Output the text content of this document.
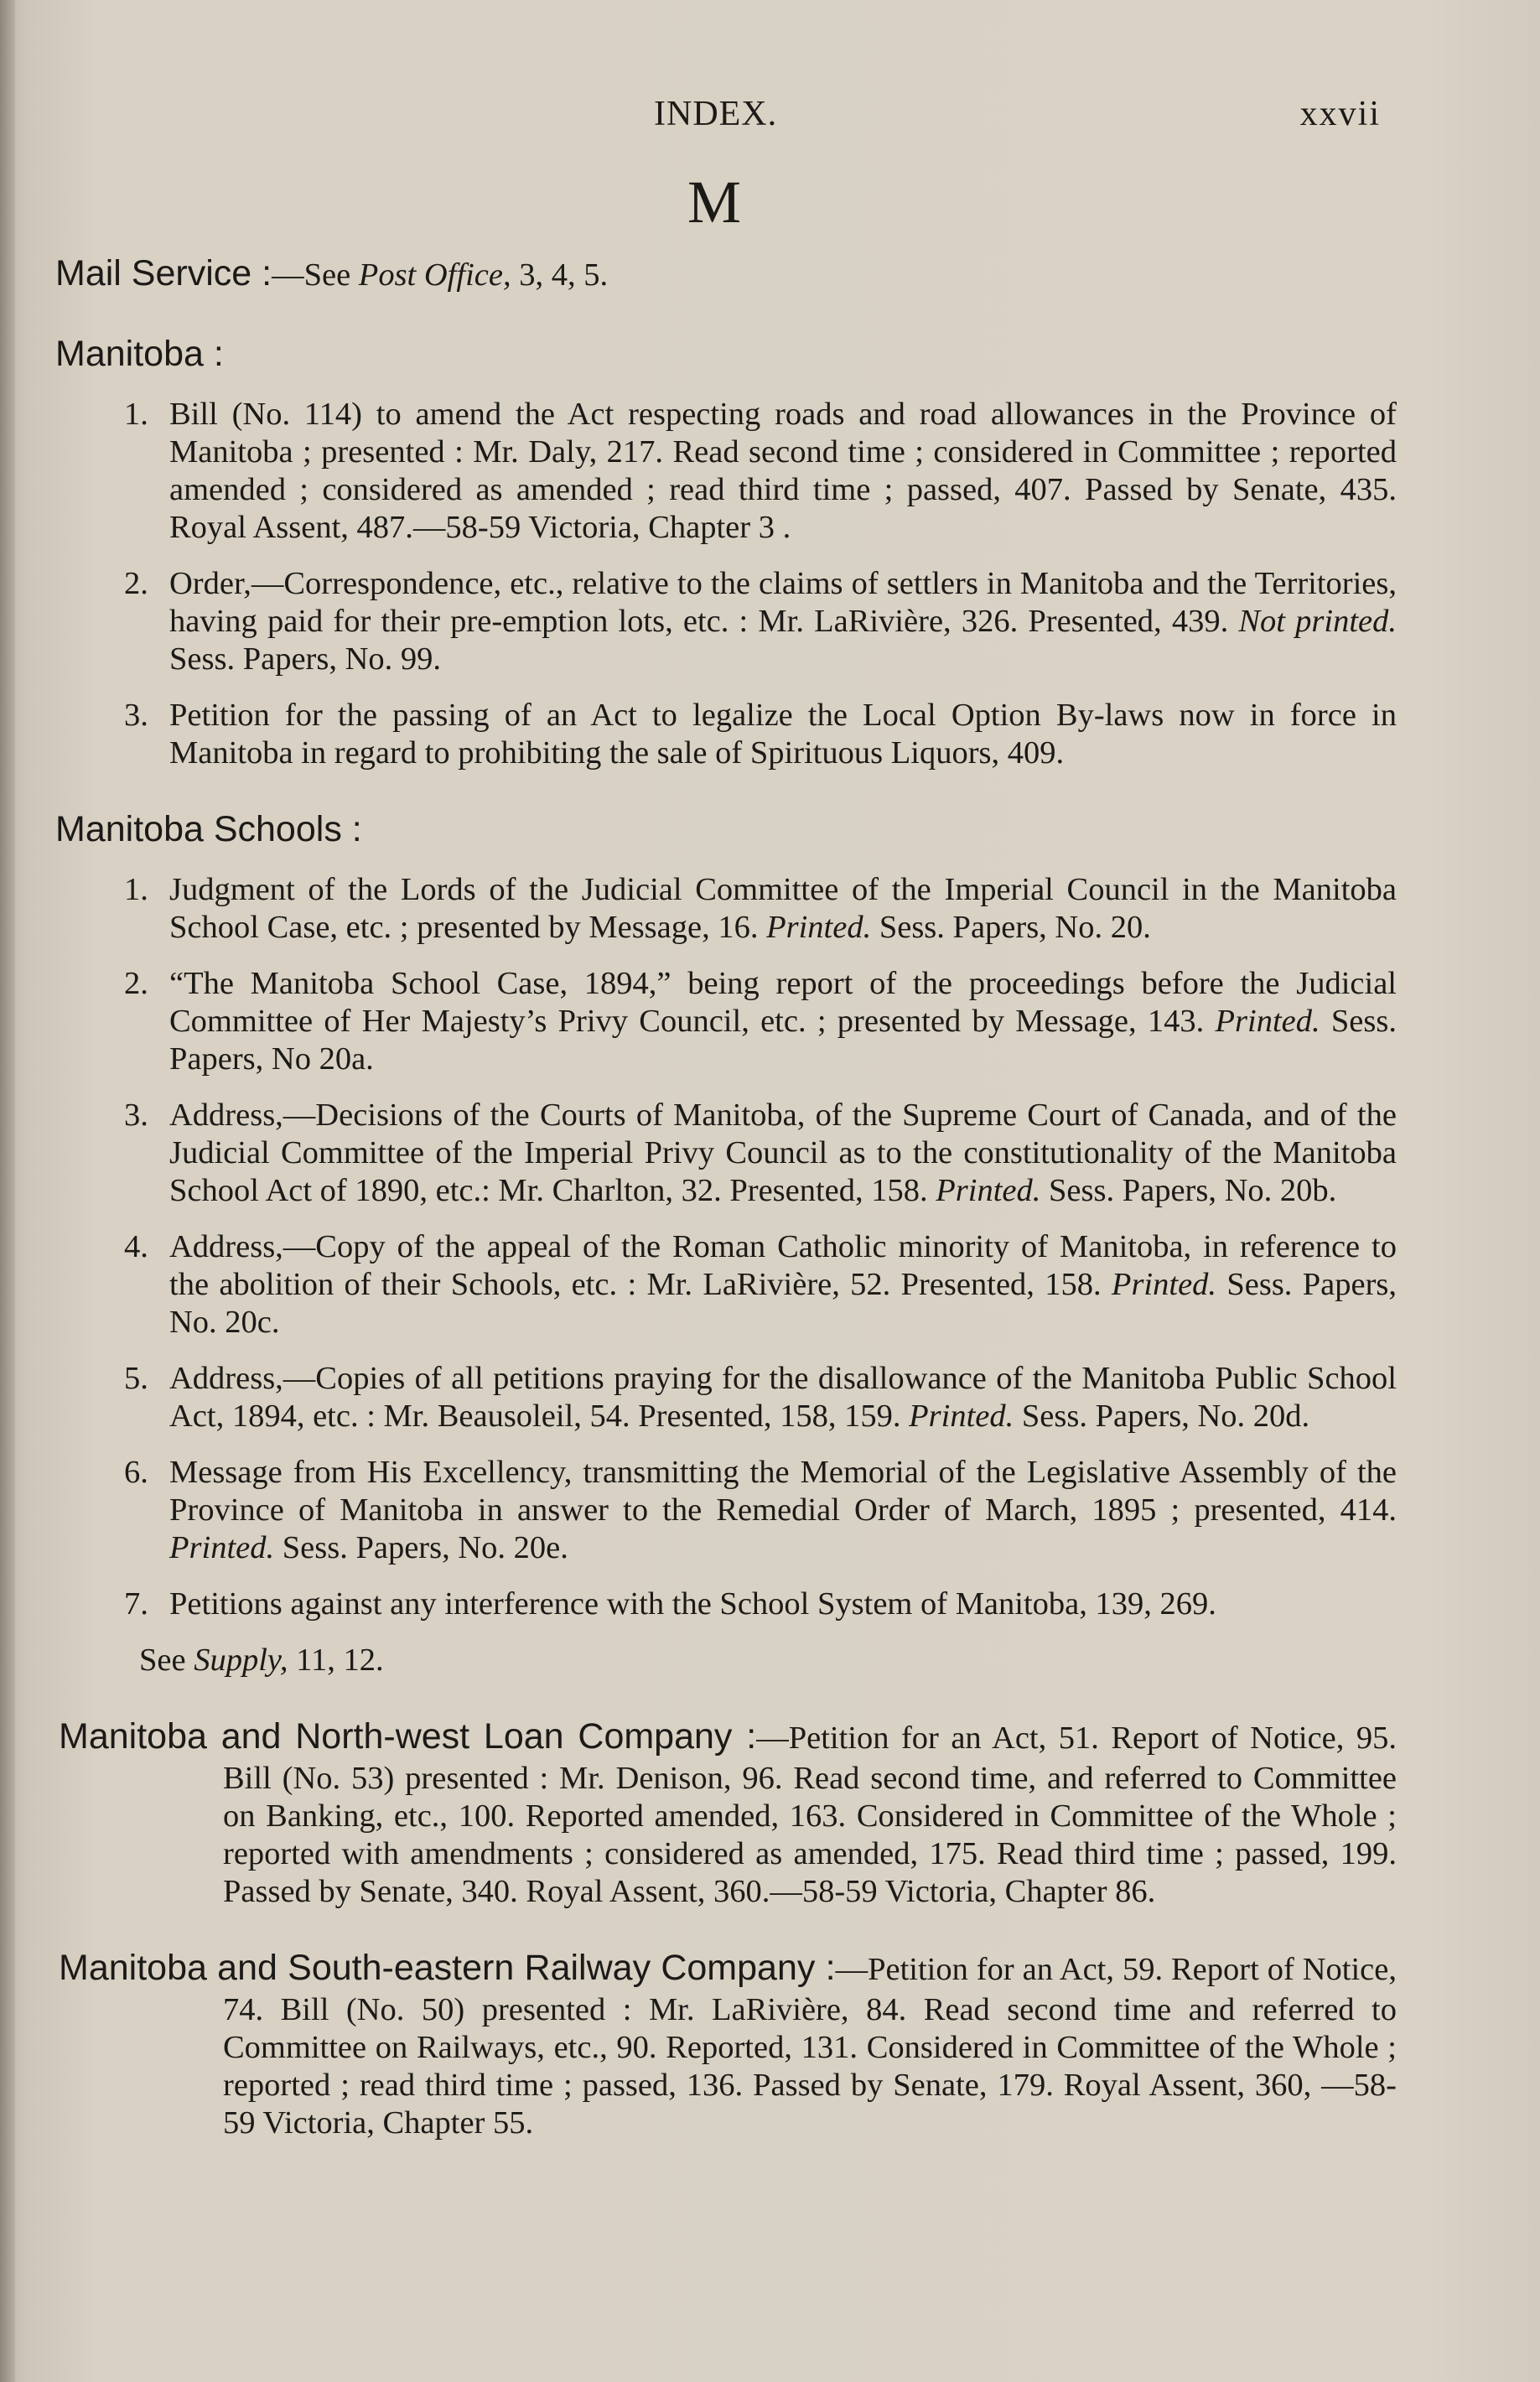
INDEX.	xxvii
M
Mail Service :—See Post Office, 3, 4, 5.
Manitoba :
1. Bill (No. 114) to amend the Act respecting roads and road allowances in the Province of Manitoba ; presented : Mr. Daly, 217. Read second time ; considered in Committee ; reported amended ; considered as amended ; read third time ; passed, 407. Passed by Senate, 435. Royal Assent, 487.—58-59 Victoria, Chapter 3 .
2. Order,—Correspondence, etc., relative to the claims of settlers in Manitoba and the Territories, having paid for their pre-emption lots, etc. : Mr. LaRivière, 326. Presented, 439. Not printed. Sess. Papers, No. 99.
3. Petition for the passing of an Act to legalize the Local Option By-laws now in force in Manitoba in regard to prohibiting the sale of Spirituous Liquors, 409.
Manitoba Schools :
1. Judgment of the Lords of the Judicial Committee of the Imperial Council in the Manitoba School Case, etc. ; presented by Message, 16. Printed. Sess. Papers, No. 20.
2. “The Manitoba School Case, 1894,” being report of the proceedings before the Judicial Committee of Her Majesty’s Privy Council, etc. ; presented by Message, 143. Printed. Sess. Papers, No 20a.
3. Address,—Decisions of the Courts of Manitoba, of the Supreme Court of Canada, and of the Judicial Committee of the Imperial Privy Council as to the constitutionality of the Manitoba School Act of 1890, etc.: Mr. Charlton, 32. Presented, 158. Printed. Sess. Papers, No. 20b.
4. Address,—Copy of the appeal of the Roman Catholic minority of Manitoba, in reference to the abolition of their Schools, etc. : Mr. LaRivière, 52. Presented, 158. Printed. Sess. Papers, No. 20c.
5. Address,—Copies of all petitions praying for the disallowance of the Manitoba Public School Act, 1894, etc. : Mr. Beausoleil, 54. Presented, 158, 159. Printed. Sess. Papers, No. 20d.
6. Message from His Excellency, transmitting the Memorial of the Legislative Assembly of the Province of Manitoba in answer to the Remedial Order of March, 1895 ; presented, 414. Printed. Sess. Papers, No. 20e.
7. Petitions against any interference with the School System of Manitoba, 139, 269.
See Supply, 11, 12.
Manitoba and North-west Loan Company :—Petition for an Act, 51. Report of Notice, 95. Bill (No. 53) presented : Mr. Denison, 96. Read second time, and referred to Committee on Banking, etc., 100. Reported amended, 163. Considered in Committee of the Whole ; reported with amendments ; considered as amended, 175. Read third time ; passed, 199. Passed by Senate, 340. Royal Assent, 360.—58-59 Victoria, Chapter 86.
Manitoba and South-eastern Railway Company :—Petition for an Act, 59. Report of Notice, 74. Bill (No. 50) presented : Mr. LaRivière, 84. Read second time and referred to Committee on Railways, etc., 90. Reported, 131. Considered in Committee of the Whole ; reported ; read third time ; passed, 136. Passed by Senate, 179. Royal Assent, 360, —58-59 Victoria, Chapter 55.
